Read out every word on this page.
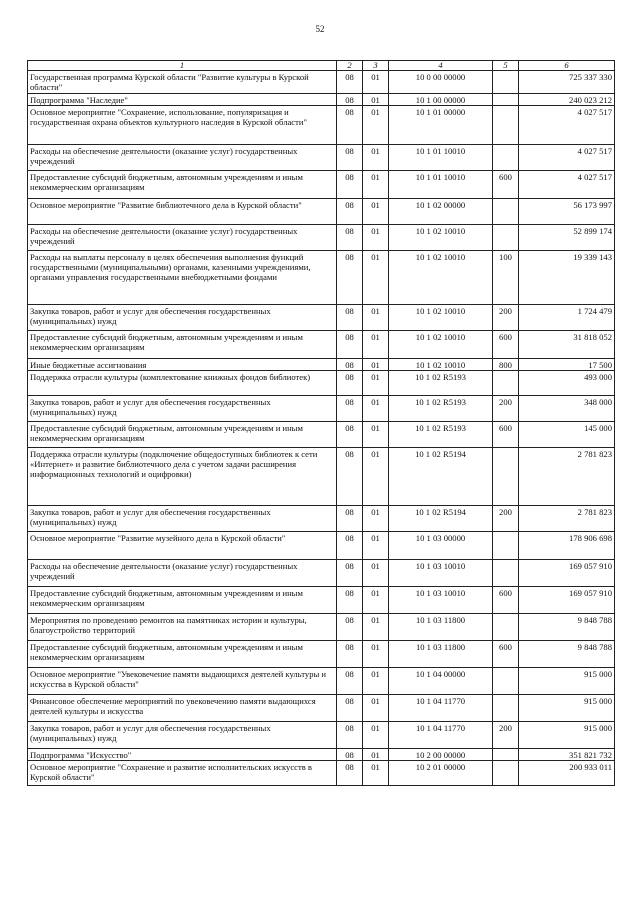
52
1	2	3	4	5	6
Государственная программа Курской области "Развитие культуры в Курской области"	08	01	10 0 00 00000		725 337 330
Подпрограмма "Наследие"	08	01	10 1 00 00000		240 023 212
Основное мероприятие "Сохранение, использование, популяризация и государственная охрана объектов культурного наследия в Курской области"	08	01	10 1 01 00000		4 027 517
Расходы на обеспечение деятельности (оказание услуг) государственных учреждений	08	01	10 1 01 10010		4 027 517
Предоставление субсидий бюджетным, автономным учреждениям и иным некоммерческим организациям	08	01	10 1 01 10010	600	4 027 517
Основное мероприятие "Развитие библиотечного дела в Курской области"	08	01	10 1 02 00000		56 173 997
Расходы на обеспечение деятельности (оказание услуг) государственных учреждений	08	01	10 1 02 10010		52 899 174
Расходы на выплаты персоналу в целях обеспечения выполнения функций государственными (муниципальными) органами, казенными учреждениями, органами управления государственными внебюджетными фондами	08	01	10 1 02 10010	100	19 339 143
Закупка товаров, работ и услуг для обеспечения государственных (муниципальных) нужд	08	01	10 1 02 10010	200	1 724 479
Предоставление субсидий бюджетным, автономным учреждениям и иным некоммерческим организациям	08	01	10 1 02 10010	600	31 818 052
Иные бюджетные ассигнования	08	01	10 1 02 10010	800	17 500
Поддержка отрасли культуры (комплектование книжных фондов библиотек)	08	01	10 1 02 R5193		493 000
Закупка товаров, работ и услуг для обеспечения государственных (муниципальных) нужд	08	01	10 1 02 R5193	200	348 000
Предоставление субсидий бюджетным, автономным учреждениям и иным некоммерческим организациям	08	01	10 1 02 R5193	600	145 000
Поддержка отрасли культуры (подключение общедоступных библиотек к сети «Интернет» и развитие библиотечного дела с учетом задачи расширения информационных технологий и оцифровки)	08	01	10 1 02 R5194		2 781 823
Закупка товаров, работ и услуг для обеспечения государственных (муниципальных) нужд	08	01	10 1 02 R5194	200	2 781 823
Основное мероприятие "Развитие музейного дела в Курской области"	08	01	10 1 03 00000		178 906 698
Расходы на обеспечение деятельности (оказание услуг) государственных учреждений	08	01	10 1 03 10010		169 057 910
Предоставление субсидий бюджетным, автономным учреждениям и иным некоммерческим организациям	08	01	10 1 03 10010	600	169 057 910
Мероприятия по проведению ремонтов на памятниках истории и культуры, благоустройство территорий	08	01	10 1 03 11800		9 848 788
Предоставление субсидий бюджетным, автономным учреждениям и иным некоммерческим организациям	08	01	10 1 03 11800	600	9 848 788
Основное мероприятие "Увековечение памяти выдающихся деятелей культуры и искусства в Курской области"	08	01	10 1 04 00000		915 000
Финансовое обеспечение мероприятий по увековечению памяти выдающихся деятелей культуры и искусства	08	01	10 1 04 11770		915 000
Закупка товаров, работ и услуг для обеспечения государственных (муниципальных) нужд	08	01	10 1 04 11770	200	915 000
Подпрограмма "Искусство"	08	01	10 2 00 00000		351 821 732
Основное мероприятие "Сохранение и развитие исполнительских искусств в Курской области"	08	01	10 2 01 00000		200 933 011
